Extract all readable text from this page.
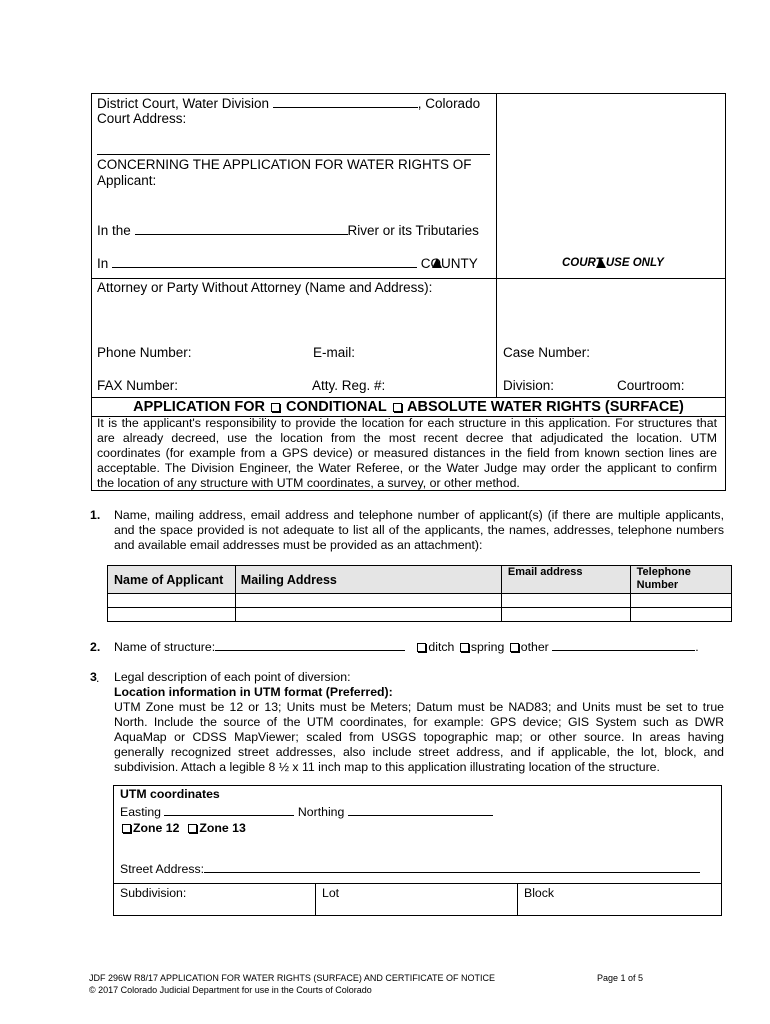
District Court, Water Division	, Colorado
Court Address:
CONCERNING THE APPLICATION FOR WATER RIGHTS OF
Applicant:
In the	River or its Tributaries
In	COUNTY	COURT USE ONLY
Attorney or Party Without Attorney (Name and Address):
Phone Number:	E-mail:
FAX Number:	Atty. Reg. #:
Case Number:
Division:	Courtroom:
APPLICATION FOR CONDITIONAL ABSOLUTE WATER RIGHTS (SURFACE)
It is the applicant's responsibility to provide the location for each structure in this application. For structures that
are already decreed, use the location from the most recent decree that adjudicated the location. UTM
coordinates (for example from a GPS device) or measured distances in the field from known section lines are
acceptable. The Division Engineer, the Water Referee, or the Water Judge may order the applicant to confirm
the location of any structure with UTM coordinates, a survey, or other method.
1. Name, mailing address, email address and telephone number of applicant(s) (if there are multiple applicants,
and the space provided is not adequate to list all of the applicants, the names, addresses, telephone numbers
and available email addresses must be provided as an attachment):
Name of Applicant	Mailing Address	Email address	Telephone
Number

2. Name of structure:	ditch spring other	.
3 . Legal description of each point of diversion:
Location information in UTM format (Preferred):
UTM Zone must be 12 or 13; Units must be Meters; Datum must be NAD83; and Units must be set to true
North. Include the source of the UTM coordinates, for example: GPS device; GIS System such as DWR
AquaMap or CDSS MapViewer; scaled from USGS topographic map; or other source. In areas having
generally recognized street addresses, also include street address, and if applicable, the lot, block, and
subdivision. Attach a legible 8 ½ x 11 inch map to this application illustrating location of the structure.
UTM coordinates
Easting	Northing
Zone 12 Zone 13
Street Address:
Subdivision:	Lot	Block
JDF 296W R8/17 APPLICATION FOR WATER RIGHTS (SURFACE) AND CERTIFICATE OF NOTICE	Page 1 of 5
© 2017 Colorado Judicial Department for use in the Courts of Colorado
